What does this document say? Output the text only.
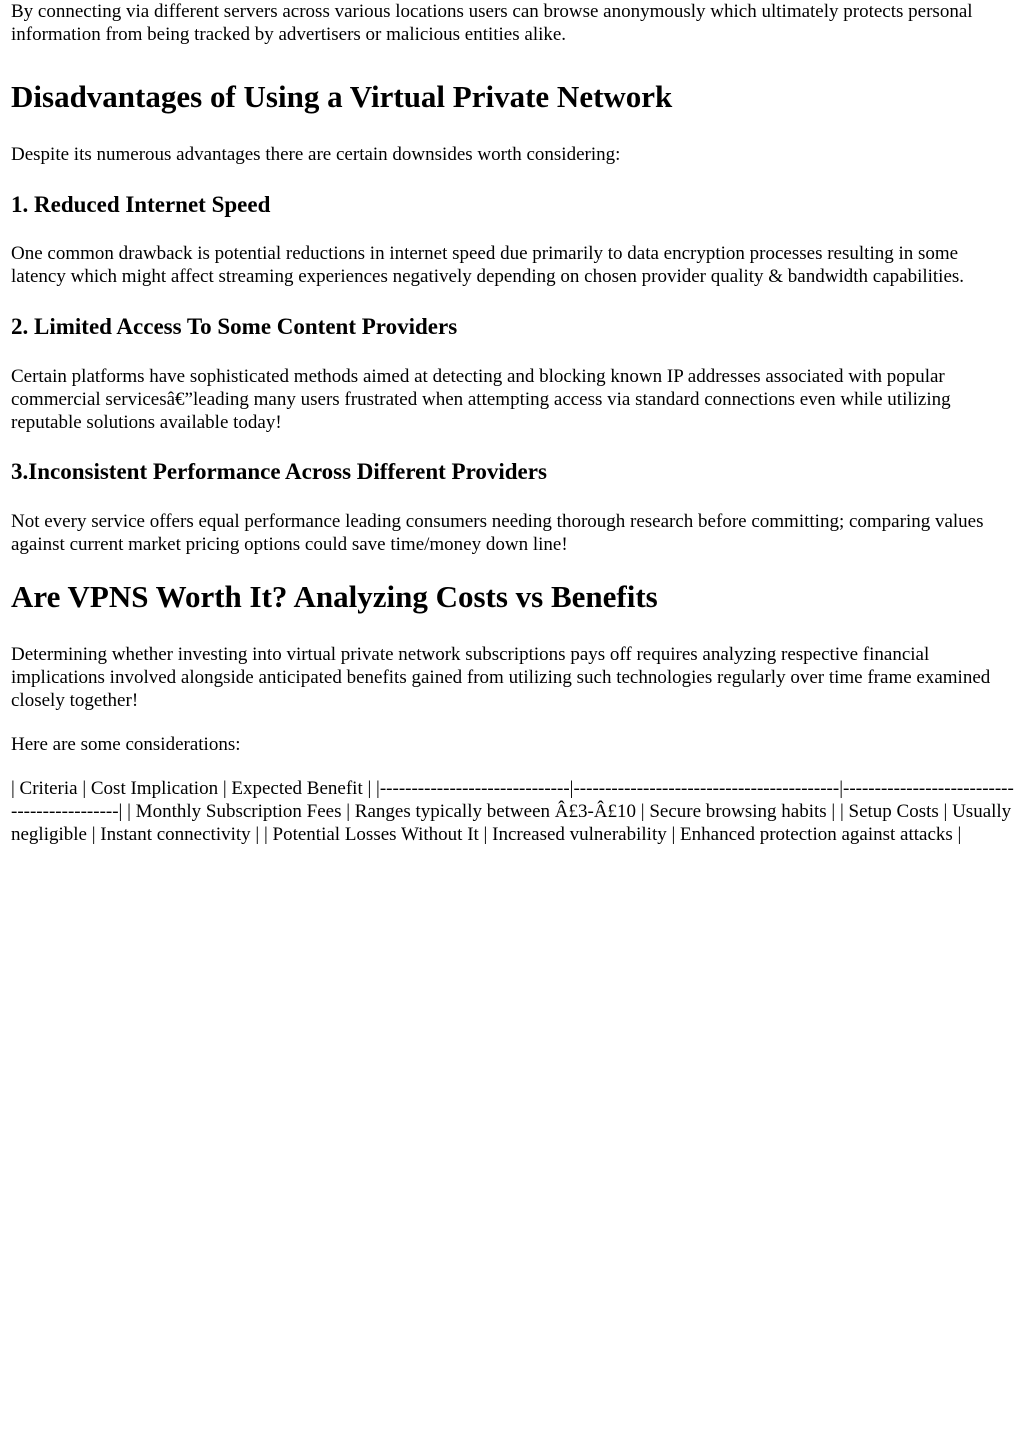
By connecting via different servers across various locations users can browse anonymously which ultimately protects personal information from being tracked by advertisers or malicious entities alike.

Disadvantages of Using a Virtual Private Network

Despite its numerous advantages there are certain downsides worth considering:

1. Reduced Internet Speed

One common drawback is potential reductions in internet speed due primarily to data encryption processes resulting in some latency which might affect streaming experiences negatively depending on chosen provider quality & bandwidth capabilities.

2. Limited Access To Some Content Providers

Certain platforms have sophisticated methods aimed at detecting and blocking known IP addresses associated with popular commercial servicesâ€”leading many users frustrated when attempting access via standard connections even while utilizing reputable solutions available today!

3.Inconsistent Performance Across Different Providers

Not every service offers equal performance leading consumers needing thorough research before committing; comparing values against current market pricing options could save time/money down line!

Are VPNS Worth It? Analyzing Costs vs Benefits

Determining whether investing into virtual private network subscriptions pays off requires analyzing respective financial implications involved alongside anticipated benefits gained from utilizing such technologies regularly over time frame examined closely together!

Here are some considerations:

| Criteria | Cost Implication | Expected Benefit | |------------------------------|------------------------------------------|--------------------------------------------| | Monthly Subscription Fees | Ranges typically between Â£3-Â£10 | Secure browsing habits | | Setup Costs | Usually negligible | Instant connectivity | | Potential Losses Without It | Increased vulnerability | Enhanced protection against attacks |
